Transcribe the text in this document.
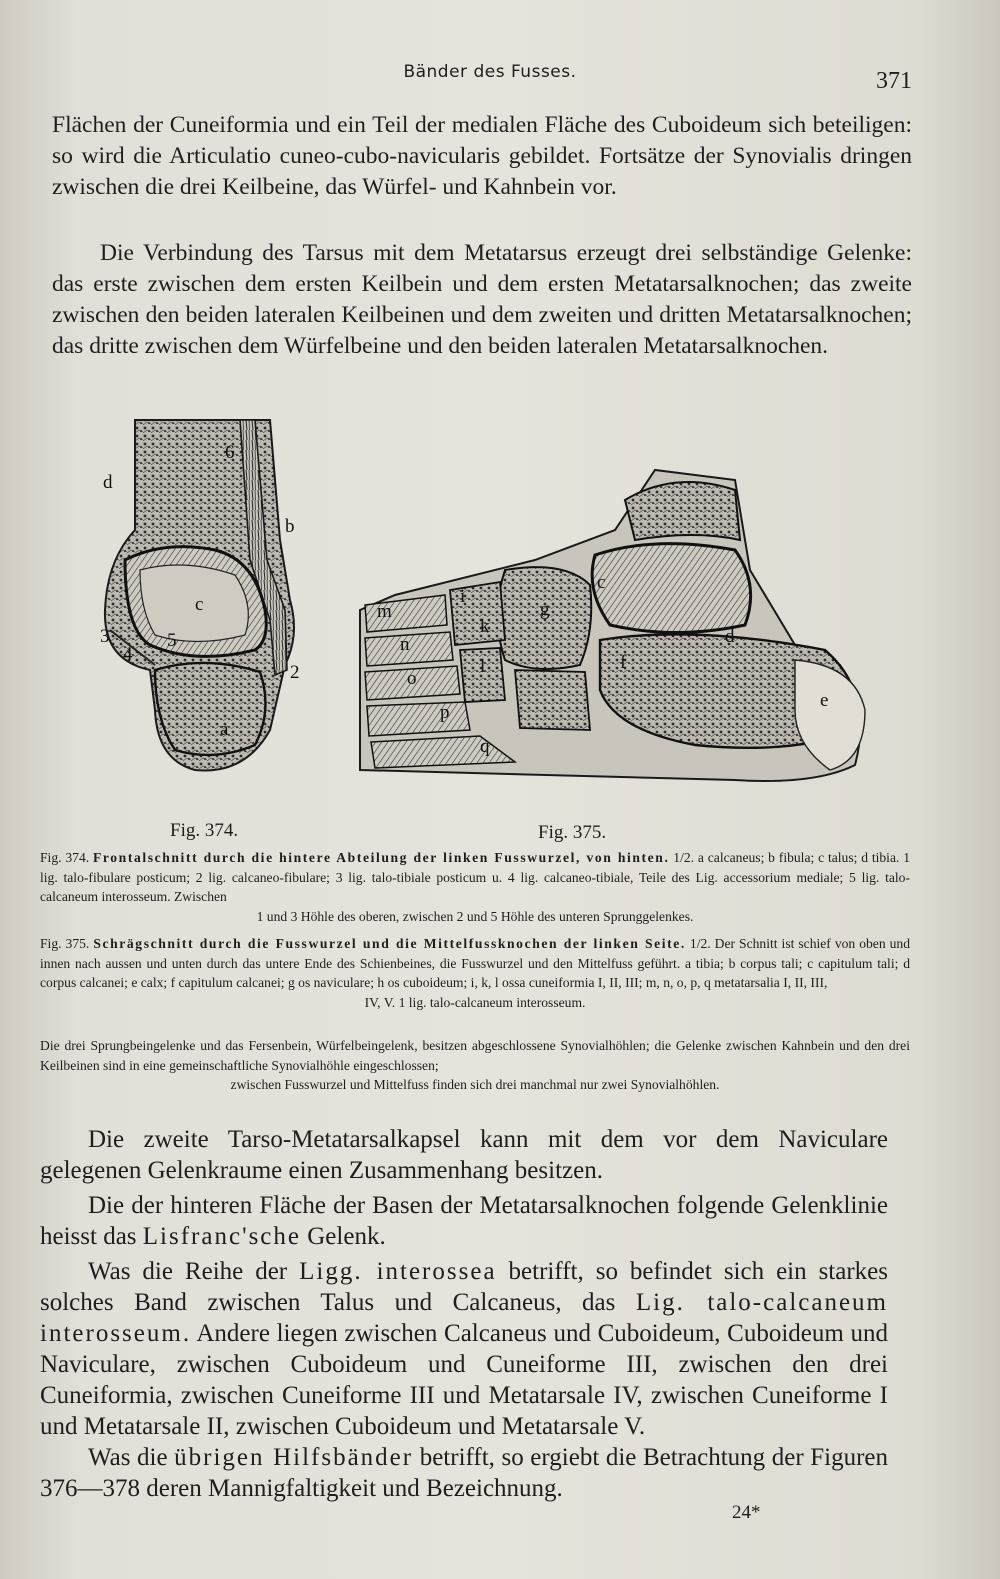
Bänder des Fusses.	371

Flächen der Cuneiformia und ein Teil der medialen Fläche des Cuboideum sich beteiligen: so wird die Articulatio cuneo-cubo-navicularis gebildet. Fortsätze der Synovialis dringen zwischen die drei Keilbeine, das Würfel- und Kahnbein vor.

Die Verbindung des Tarsus mit dem Metatarsus erzeugt drei selbständige Gelenke: das erste zwischen dem ersten Keilbein und dem ersten Metatarsalknochen; das zweite zwischen den beiden lateralen Keilbeinen und dem zweiten und dritten Metatarsalknochen; das dritte zwischen dem Würfelbeine und den beiden lateralen Metatarsalknochen.

d
6
b
c
3	5
4
2
a
m
i
k
g
n
l
o
p
q
c
d
f
e
Fig. 374.	Fig. 375.

Fig. 374. Frontalschnitt durch die hintere Abteilung der linken Fusswurzel, von hinten. 1/2. a calcaneus; b fibula; c talus; d tibia. 1 lig. talo-fibulare posticum; 2 lig. calcaneo-fibulare; 3 lig. talo-tibiale posticum u. 4 lig. calcaneo-tibiale, Teile des Lig. accessorium mediale; 5 lig. talo-calcaneum interosseum. Zwischen
1 und 3 Höhle des oberen, zwischen 2 und 5 Höhle des unteren Sprunggelenkes.

Fig. 375. Schrägschnitt durch die Fusswurzel und die Mittelfussknochen der linken Seite. 1/2. Der Schnitt ist schief von oben und innen nach aussen und unten durch das untere Ende des Schienbeines, die Fusswurzel und den Mittelfuss geführt. a tibia; b corpus tali; c capitulum tali; d corpus calcanei; e calx; f capitulum calcanei; g os naviculare; h os cuboideum; i, k, l ossa cuneiformia I, II, III; m, n, o, p, q metatarsalia I, II, III,
IV, V. 1 lig. talo-calcaneum interosseum.

Die drei Sprungbeingelenke und das Fersenbein, Würfelbeingelenk, besitzen abgeschlossene Synovialhöhlen; die Gelenke zwischen Kahnbein und den drei Keilbeinen sind in eine gemeinschaftliche Synovialhöhle eingeschlossen;
zwischen Fusswurzel und Mittelfuss finden sich drei manchmal nur zwei Synovialhöhlen.

Die zweite Tarso-Metatarsalkapsel kann mit dem vor dem Naviculare gelegenen Gelenkraume einen Zusammenhang besitzen.

Die der hinteren Fläche der Basen der Metatarsalknochen folgende Gelenklinie heisst das Lisfranc'sche Gelenk.

Was die Reihe der Ligg. interossea betrifft, so befindet sich ein starkes solches Band zwischen Talus und Calcaneus, das Lig. talo-calcaneum interosseum. Andere liegen zwischen Calcaneus und Cuboideum, Cuboideum und Naviculare, zwischen Cuboideum und Cuneiforme III, zwischen den drei Cuneiformia, zwischen Cuneiforme III und Metatarsale IV, zwischen Cuneiforme I und Metatarsale II, zwischen Cuboideum und Metatarsale V.

Was die übrigen Hilfsbänder betrifft, so ergiebt die Betrachtung der Figuren 376—378 deren Mannigfaltigkeit und Bezeichnung.

24*
